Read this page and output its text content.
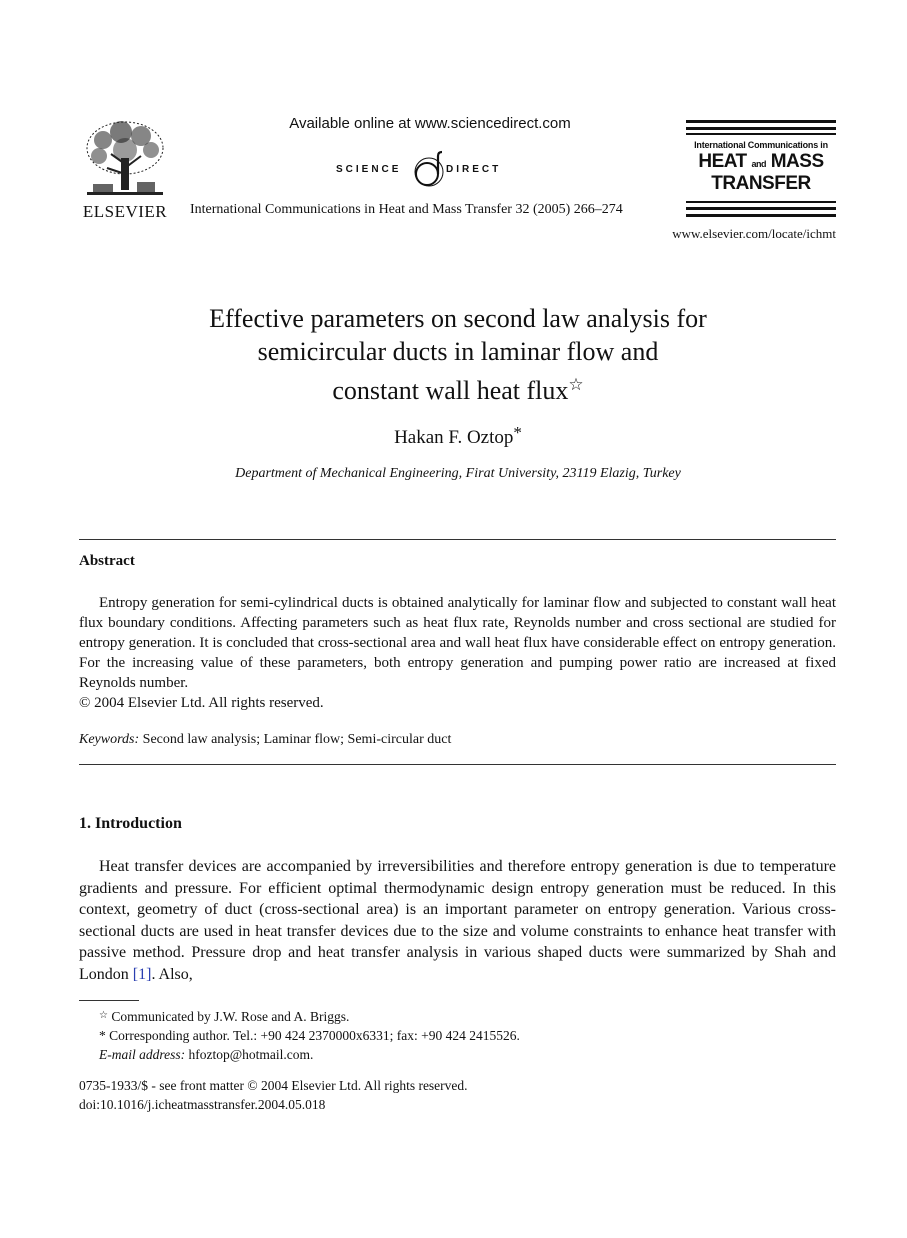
ELSEVIER
Available online at www.sciencedirect.com
SCIENCE	DIRECT
International Communications in Heat and Mass Transfer 32 (2005) 266–274
International Communications in
HEAT and MASS
TRANSFER
www.elsevier.com/locate/ichmt
Effective parameters on second law analysis for
semicircular ducts in laminar flow and
constant wall heat flux☆
Hakan F. Oztop*
Department of Mechanical Engineering, Firat University, 23119 Elazig, Turkey
Abstract
Entropy generation for semi-cylindrical ducts is obtained analytically for laminar flow and subjected to constant wall heat flux boundary conditions. Affecting parameters such as heat flux rate, Reynolds number and cross sectional are studied for entropy generation. It is concluded that cross-sectional area and wall heat flux have considerable effect on entropy generation. For the increasing value of these parameters, both entropy generation and pumping power ratio are increased at fixed Reynolds number.
© 2004 Elsevier Ltd. All rights reserved.
Keywords: Second law analysis; Laminar flow; Semi-circular duct
1. Introduction
Heat transfer devices are accompanied by irreversibilities and therefore entropy generation is due to temperature gradients and pressure. For efficient optimal thermodynamic design entropy generation must be reduced. In this context, geometry of duct (cross-sectional area) is an important parameter on entropy generation. Various cross-sectional ducts are used in heat transfer devices due to the size and volume constraints to enhance heat transfer with passive method. Pressure drop and heat transfer analysis in various shaped ducts were summarized by Shah and London [1]. Also,
☆ Communicated by J.W. Rose and A. Briggs.
* Corresponding author. Tel.: +90 424 2370000x6331; fax: +90 424 2415526.
E-mail address: hfoztop@hotmail.com.
0735-1933/$ - see front matter © 2004 Elsevier Ltd. All rights reserved.
doi:10.1016/j.icheatmasstransfer.2004.05.018
